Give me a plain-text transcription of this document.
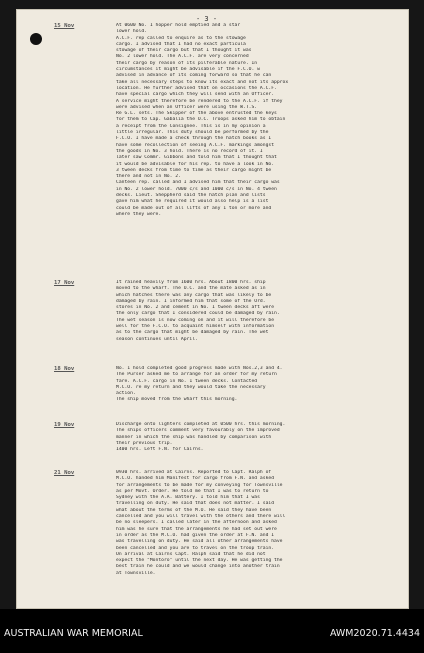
- 3 -
15 Nov	At 0600 No. 1 hopper hold emptied and a star
lower hold.
A.C.F. rep called to enquire as to the stowage
cargo. I advised that I had no exact particula
stowage of their cargo but that I thought it was
No. 2 lower hold. The A.C.F. are very concerned
their cargo by reason of its pilferable nature. In
circumstances it might be advisable if the F.C.O. w
advised in advance of its coming forward so that he can
take all necessary steps to know its exact and not its approx
location. He further advised that on occasions the A.C.F.
have special cargo which they will send with an Officer.
A service might therefore be rendered to the A.C.F. if they
were advised when an Officer were using the W.T.S.
Re G.L. sets. The Skipper of the above entrusted the keys
for them to Cap. Gabalia the O.C. Troops asked him to obtain
a receipt from the Consignee. This is in my opinion a
little irregular. This duty should be performed by the
F.C.O. I have made a check through the hatch books as I
have some recollection of seeing A.C.F. markings amongst
the goods in No. 3 hold. There is no record of it. I
later saw Commr. Gibbons and told him that I thought that
it would be advisable for his rep. to have a look in No.
3 tween decks from time to time as their cargo might be
there and not in No. 2.
Canteen rep. called and I advised him that their cargo was
in No. 2 lower hold. 7000 c/s and 1000 c/s in No. 4 tween
decks. Lieut. Sheppherd said the hatch plan and lists
gave him what he required it would also help is a list
could be made out of all lifts of any 1 ton or more and
where they were.
17 Nov	It rained heavily from 1600 hrs. About 1800 hrs. ship
moved to the wharf. The O.C. and the mate asked as in
which hatches there was any cargo that was likely to be
damaged by rain. I informed him that some of the Ord.
stores in No. 2 and cement in No. 1 tween decks aft were
the only cargo that I considered could be damaged by rain.
The wet season is now coming on and it will therefore be
well for the F.C.O. to acquaint himself with information
as to the cargo that might be damaged by rain. The wet
season continues until April.
18 Nov	No. 1 hold completed good progress made with Nos.2,3 and 4.
The Purser asked me to arrange for an order for my return
fare. A.C.F. cargo in No. 1 tween decks. Contacted
M.C.O. re my return and they would take the necessary
action.
The ship moved from the wharf this morning.
19 Nov	Discharge onto lighters completed at 0500 hrs. this morning.
The ships officers comment very favourably on the improved
manner in which the ship was handled by comparison with
their previous trip.
1400 hrs. Left F.N. for Cairns.
21 Nov	0930 hrs. arrived at Cairns. Reported to Capt. Ralph of
M.C.O. handed him Manifest for cargo from F.N. and asked
for arrangements to be made for my conveying for Townsville
as per Movt. Order. He told me that I was to return to
Sydney with the A.A. Battery. I told him that I was
travelling on duty. He said that does not matter. I said
what about the terms of the M.O. He said they have been
cancelled and you will travel with the others and there will
be no sleepers. I called later in the afternoon and asked
him was he sure that the arrangements he had set out were
in order as the M.C.O. had given the order at F.N. and I
was travelling on duty. He said all other arrangements have
been cancelled and you are to travel on the troop train.
On arrival at Cairns Capt. Ralph said that he did not
expect the "Montoro" until the next day. He was getting the
best train he could and we would change into another train
at Townsville.
AUSTRALIAN WAR MEMORIAL	AWM2020.71.4434
